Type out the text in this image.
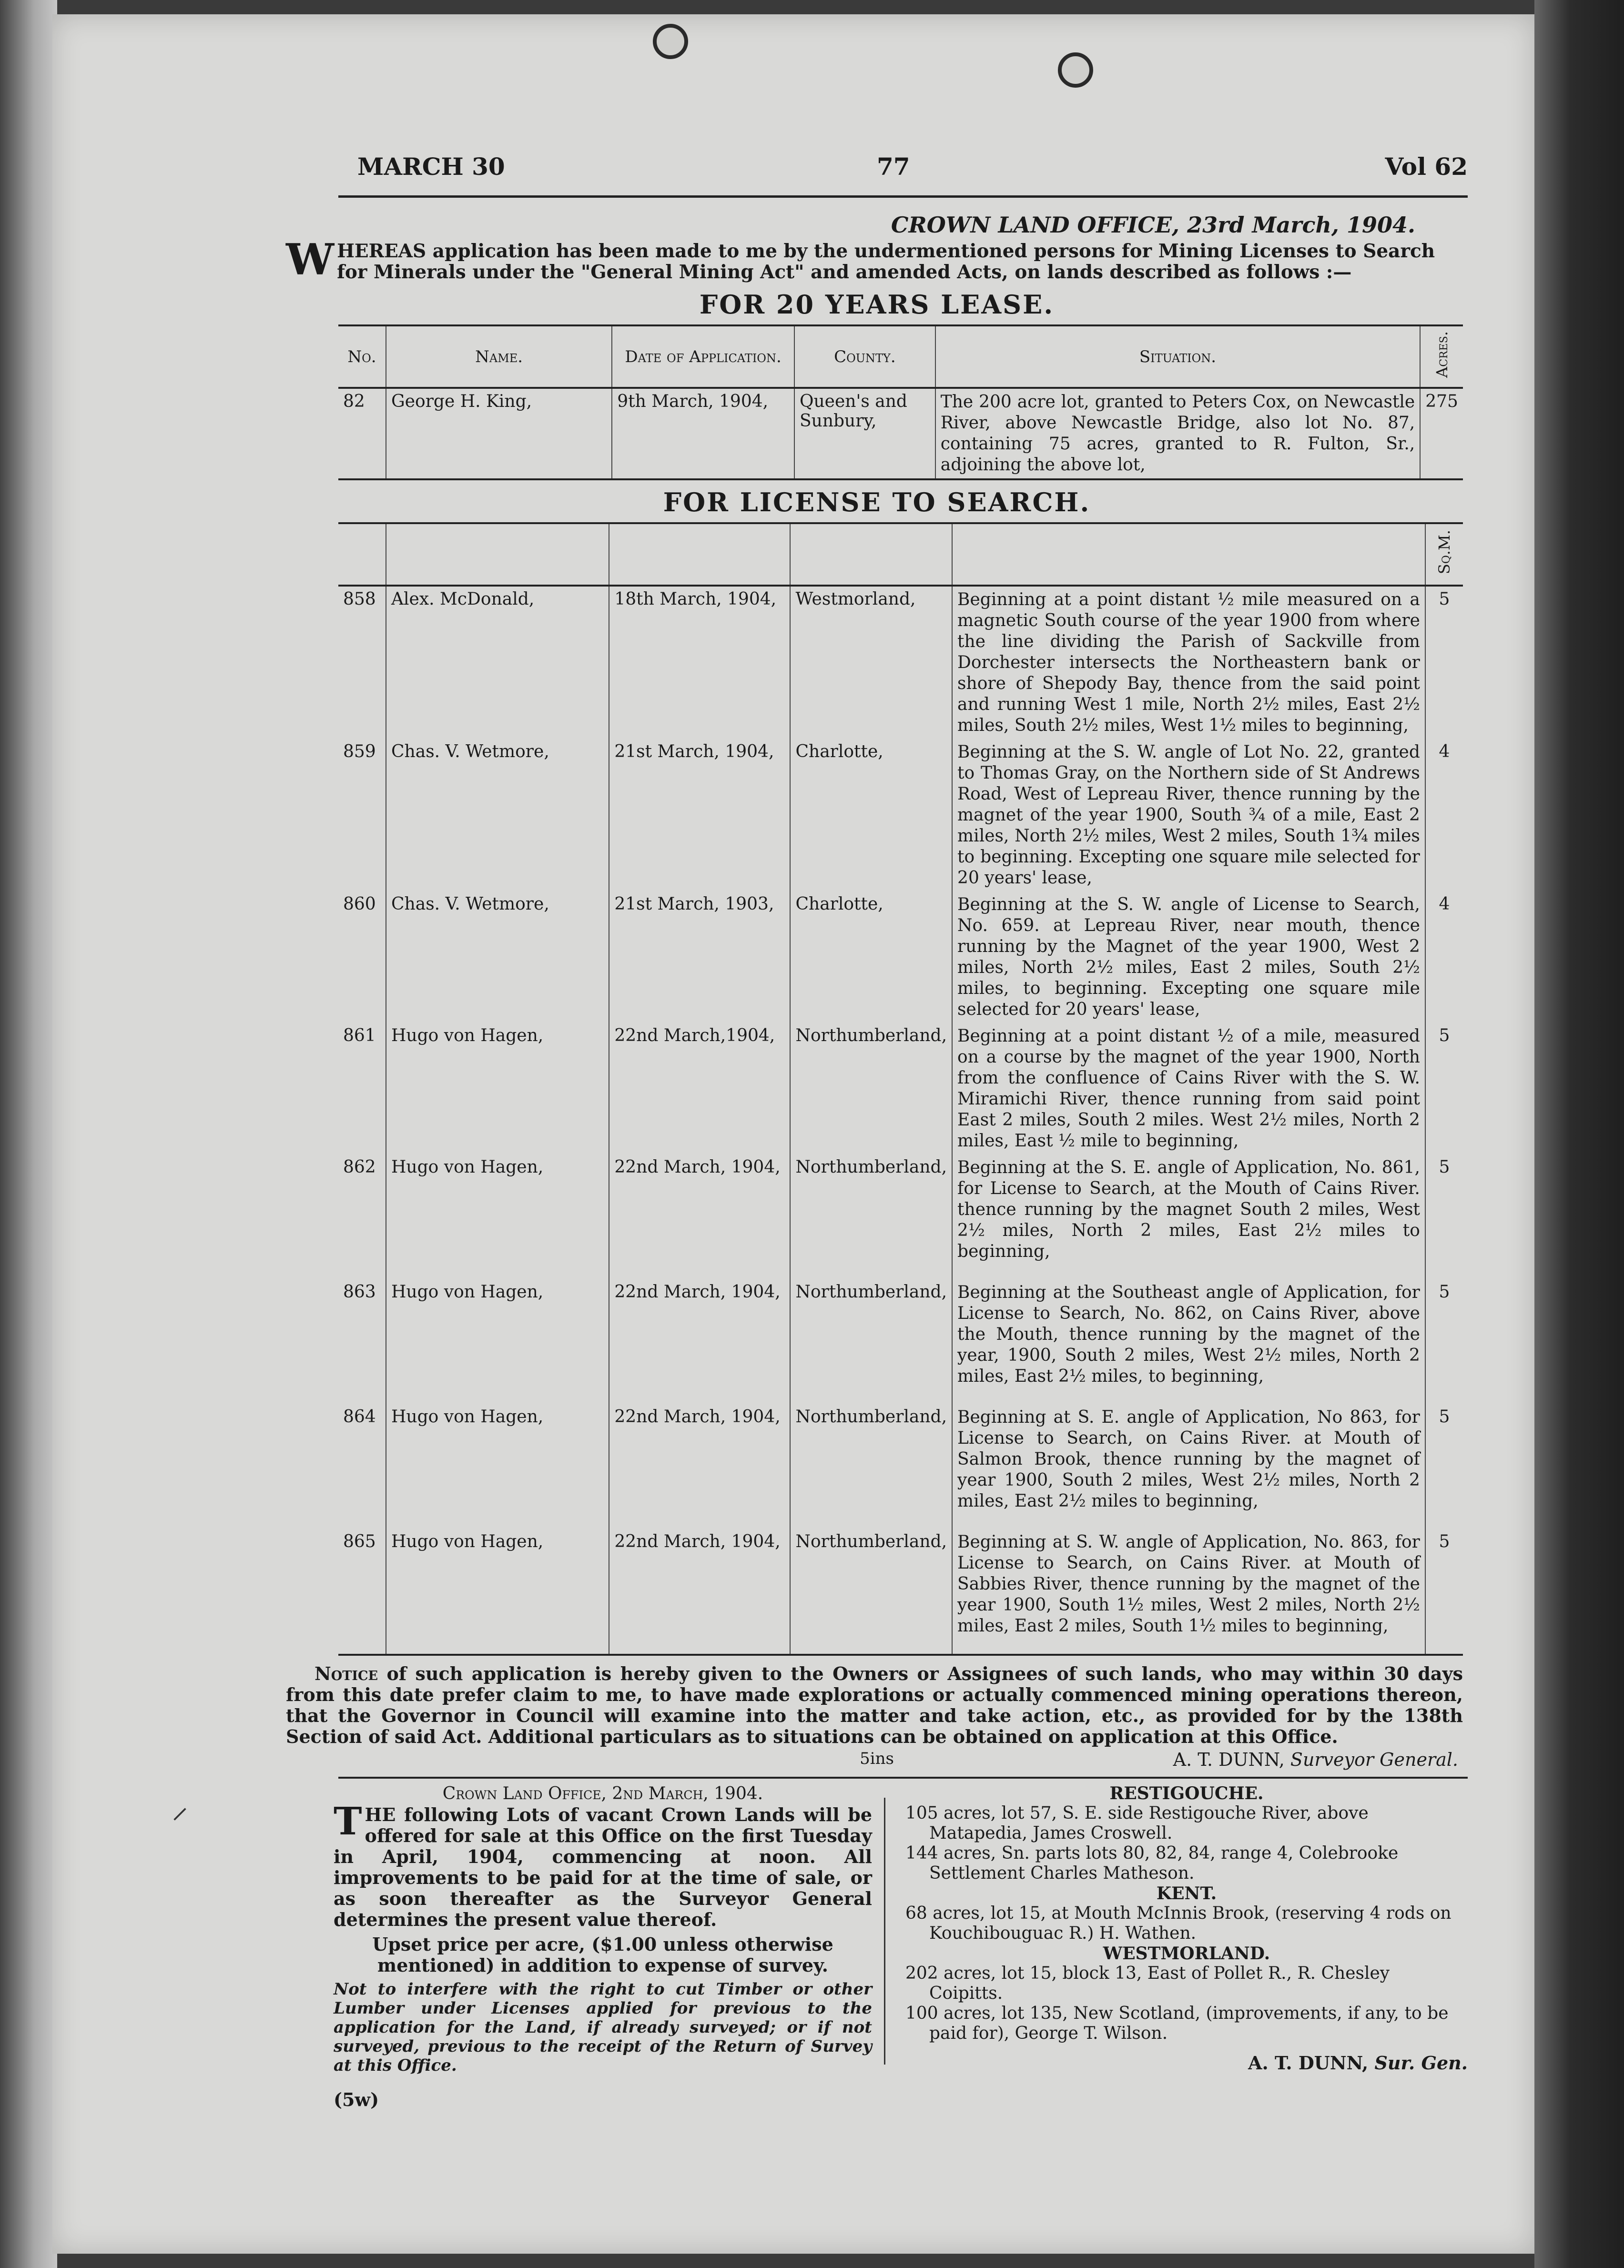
MARCH 30	77	Vol 62
CROWN LAND OFFICE, 23rd March, 1904.
WHEREAS application has been made to me by the undermentioned persons for Mining Licenses to Search for Minerals under the "General Mining Act" and amended Acts, on lands described as follows :—
FOR 20 YEARS LEASE.
No.	Name.	Date of Application.	County.	Situation.	Acres.
82	George H. King,	9th March, 1904,	Queen's and Sunbury,	The 200 acre lot, granted to Peters Cox, on Newcastle River, above Newcastle Bridge, also lot No. 87, containing 75 acres, granted to R. Fulton, Sr., adjoining the above lot,	275
FOR LICENSE TO SEARCH.
					Sq.M.
858	Alex. McDonald,	18th March, 1904,	Westmorland,	Beginning at a point distant ½ mile measured on a magnetic South course of the year 1900 from where the line dividing the Parish of Sackville from Dorchester intersects the Northeastern bank or shore of Shepody Bay, thence from the said point and running West 1 mile, North 2½ miles, East 2½ miles, South 2½ miles, West 1½ miles to beginning,	5
859	Chas. V. Wetmore,	21st March, 1904,	Charlotte,	Beginning at the S. W. angle of Lot No. 22, granted to Thomas Gray, on the Northern side of St Andrews Road, West of Lepreau River, thence running by the magnet of the year 1900, South ¾ of a mile, East 2 miles, North 2½ miles, West 2 miles, South 1¾ miles to beginning. Excepting one square mile selected for 20 years' lease,	4
860	Chas. V. Wetmore,	21st March, 1903,	Charlotte,	Beginning at the S. W. angle of License to Search, No. 659. at Lepreau River, near mouth, thence running by the Magnet of the year 1900, West 2 miles, North 2½ miles, East 2 miles, South 2½ miles, to beginning. Excepting one square mile selected for 20 years' lease,	4
861	Hugo von Hagen,	22nd March,1904,	Northumberland,	Beginning at a point distant ½ of a mile, measured on a course by the magnet of the year 1900, North from the confluence of Cains River with the S. W. Miramichi River, thence running from said point East 2 miles, South 2 miles. West 2½ miles, North 2 miles, East ½ mile to beginning,	5
862	Hugo von Hagen,	22nd March, 1904,	Northumberland,	Beginning at the S. E. angle of Application, No. 861, for License to Search, at the Mouth of Cains River. thence running by the magnet South 2 miles, West 2½ miles, North 2 miles, East 2½ miles to beginning,	5
863	Hugo von Hagen,	22nd March, 1904,	Northumberland,	Beginning at the Southeast angle of Application, for License to Search, No. 862, on Cains River, above the Mouth, thence running by the magnet of the year, 1900, South 2 miles, West 2½ miles, North 2 miles, East 2½ miles, to beginning,	5
864	Hugo von Hagen,	22nd March, 1904,	Northumberland,	Beginning at S. E. angle of Application, No 863, for License to Search, on Cains River. at Mouth of Salmon Brook, thence running by the magnet of year 1900, South 2 miles, West 2½ miles, North 2 miles, East 2½ miles to beginning,	5
865	Hugo von Hagen,	22nd March, 1904,	Northumberland,	Beginning at S. W. angle of Application, No. 863, for License to Search, on Cains River. at Mouth of Sabbies River, thence running by the magnet of the year 1900, South 1½ miles, West 2 miles, North 2½ miles, East 2 miles, South 1½ miles to beginning,	5
Notice of such application is hereby given to the Owners or Assignees of such lands, who may within 30 days from this date prefer claim to me, to have made explorations or actually commenced mining operations thereon, that the Governor in Council will examine into the matter and take action, etc., as provided for by the 138th Section of said Act. Additional particulars as to situations can be obtained on application at this Office.
5ins	A. T. DUNN, Surveyor General.
Crown Land Office, 2nd March, 1904.
THE following Lots of vacant Crown Lands will be offered for sale at this Office on the first Tuesday in April, 1904, commencing at noon. All improvements to be paid for at the time of sale, or as soon thereafter as the Surveyor General determines the present value thereof.
Upset price per acre, ($1.00 unless otherwise mentioned) in addition to expense of survey.
Not to interfere with the right to cut Timber or other Lumber under Licenses applied for previous to the application for the Land, if already surveyed; or if not surveyed, previous to the receipt of the Return of Survey at this Office.
(5w)
RESTIGOUCHE.
105 acres, lot 57, S. E. side Restigouche River, above Matapedia, James Croswell.
144 acres, Sn. parts lots 80, 82, 84, range 4, Colebrooke Settlement Charles Matheson.
KENT.
68 acres, lot 15, at Mouth McInnis Brook, (reserving 4 rods on Kouchibouguac R.) H. Wathen.
WESTMORLAND.
202 acres, lot 15, block 13, East of Pollet R., R. Chesley Coipitts.
100 acres, lot 135, New Scotland, (improvements, if any, to be paid for), George T. Wilson.
A. T. DUNN, Sur. Gen.
⸝
